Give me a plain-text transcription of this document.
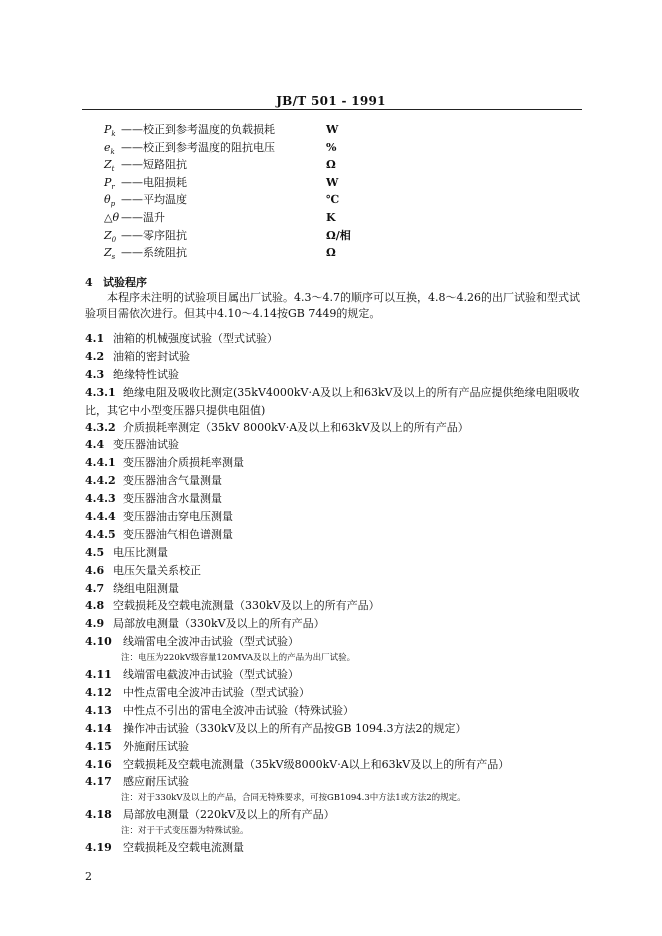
JB/T 501 - 1991
$P_k$ ——校正到参考温度的负载损耗	W
$e_k$ ——校正到参考温度的阻抗电压	%
$Z_t$ ——短路阻抗	Ω
$P_r$ ——电阻损耗	W
$\theta_p$ ——平均温度	℃
△θ ——温升	K
$Z_0$ ——零序阻抗	Ω/相
$Z_s$ ——系统阻抗	Ω
4 试验程序
本程序未注明的试验项目属出厂试验。4.3～4.7的顺序可以互换，4.8～4.26的出厂试验和型式试
验项目需依次进行。但其中4.10～4.14按GB 7449的规定。
4.1 油箱的机械强度试验（型式试验）
4.2 油箱的密封试验
4.3 绝缘特性试验
4.3.1 绝缘电阻及吸收比测定(35kV4000kV·A及以上和63kV及以上的所有产品应提供绝缘电阻吸收
比，其它中小型变压器只提供电阻值)
4.3.2 介质损耗率测定（35kV 8000kV·A及以上和63kV及以上的所有产品）
4.4 变压器油试验
4.4.1 变压器油介质损耗率测量
4.4.2 变压器油含气量测量
4.4.3 变压器油含水量测量
4.4.4 变压器油击穿电压测量
4.4.5 变压器油气相色谱测量
4.5 电压比测量
4.6 电压矢量关系校正
4.7 绕组电阻测量
4.8 空载损耗及空载电流测量（330kV及以上的所有产品）
4.9 局部放电测量（330kV及以上的所有产品）
4.10 线端雷电全波冲击试验（型式试验）
注：电压为220kV级容量120MVA及以上的产品为出厂试验。
4.11 线端雷电截波冲击试验（型式试验）
4.12 中性点雷电全波冲击试验（型式试验）
4.13 中性点不引出的雷电全波冲击试验（特殊试验）
4.14 操作冲击试验（330kV及以上的所有产品按GB 1094.3方法2的规定）
4.15 外施耐压试验
4.16 空载损耗及空载电流测量（35kV级8000kV·A以上和63kV及以上的所有产品）
4.17 感应耐压试验
注：对于330kV及以上的产品，合同无特殊要求，可按GB1094.3中方法1或方法2的规定。
4.18 局部放电测量（220kV及以上的所有产品）
注：对于干式变压器为特殊试验。
4.19 空载损耗及空载电流测量
2
